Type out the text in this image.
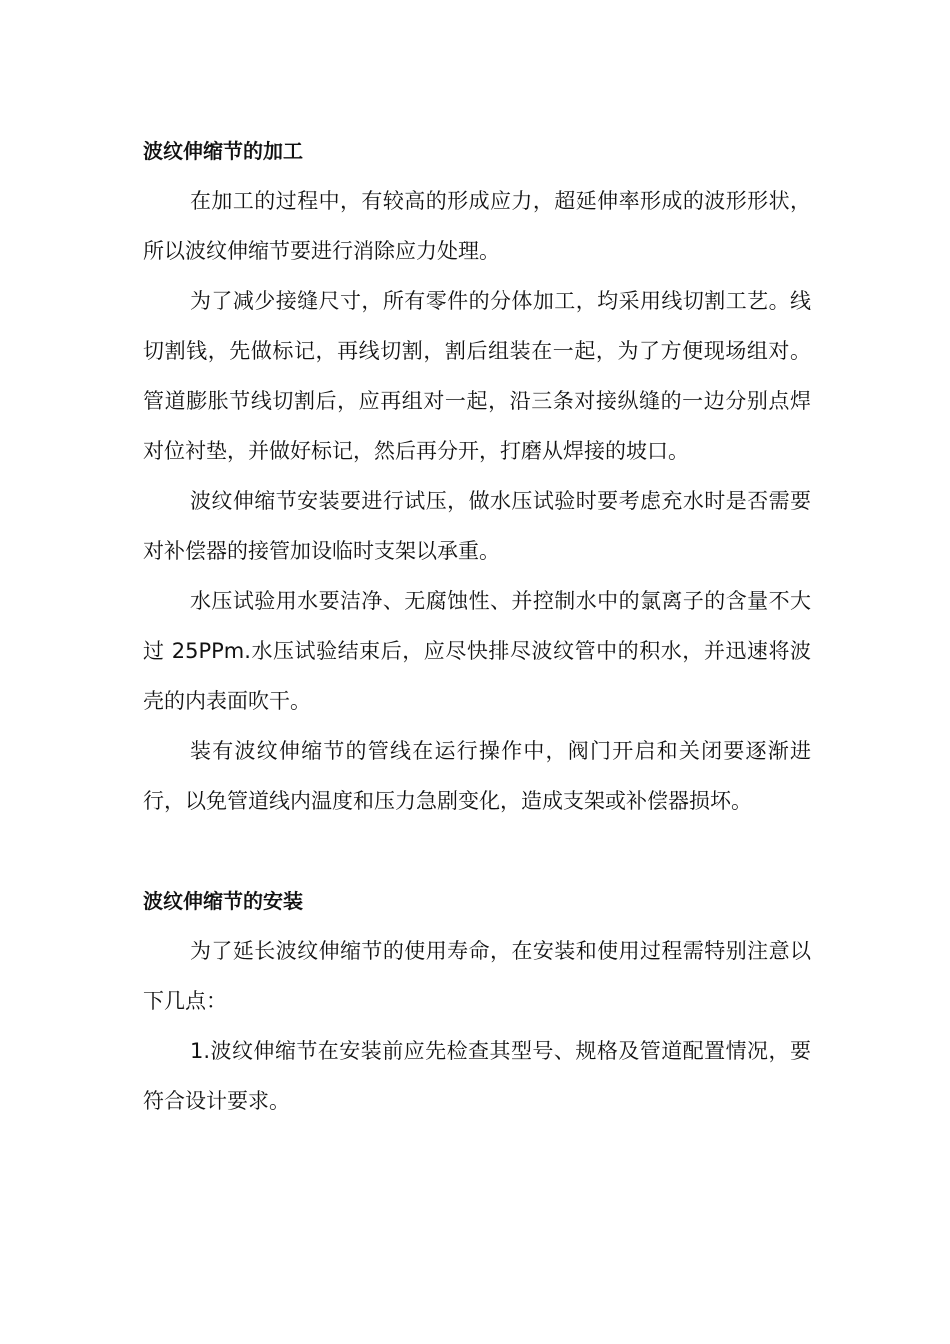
波纹伸缩节的加工

在加工的过程中，有较高的形成应力，超延伸率形成的波形形状，所以波纹伸缩节要进行消除应力处理。

为了减少接缝尺寸，所有零件的分体加工，均采用线切割工艺。线切割钱，先做标记，再线切割，割后组装在一起，为了方便现场组对。管道膨胀节线切割后，应再组对一起，沿三条对接纵缝的一边分别点焊对位衬垫，并做好标记，然后再分开，打磨从焊接的坡口。

波纹伸缩节安装要进行试压，做水压试验时要考虑充水时是否需要对补偿器的接管加设临时支架以承重。

水压试验用水要洁净、无腐蚀性、并控制水中的氯离子的含量不大过 25PPm.水压试验结束后，应尽快排尽波纹管中的积水，并迅速将波壳的内表面吹干。

装有波纹伸缩节的管线在运行操作中，阀门开启和关闭要逐渐进行，以免管道线内温度和压力急剧变化，造成支架或补偿器损坏。

波纹伸缩节的安装

为了延长波纹伸缩节的使用寿命，在安装和使用过程需特别注意以下几点：

1.波纹伸缩节在安装前应先检查其型号、规格及管道配置情况，要符合设计要求。
